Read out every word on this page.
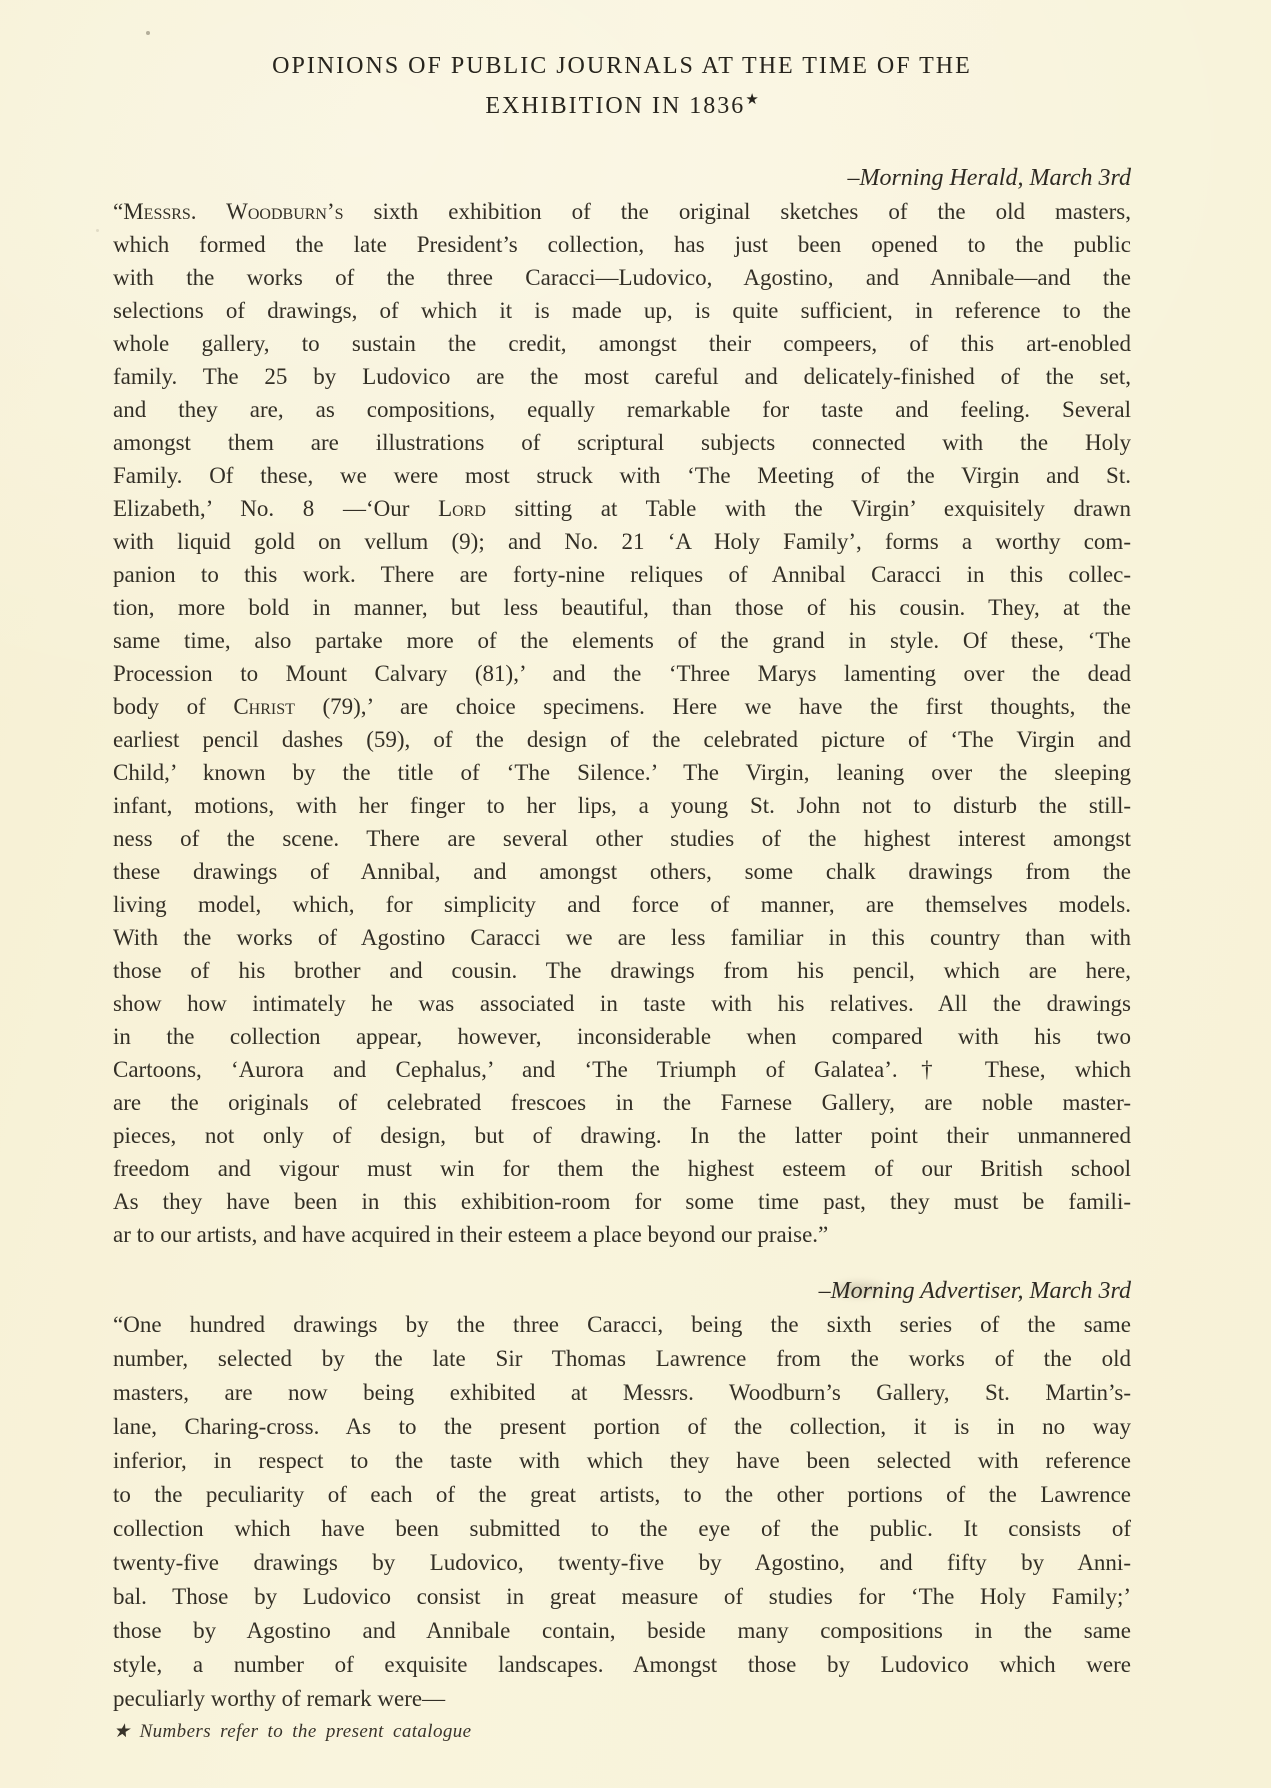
OPINIONS OF PUBLIC JOURNALS AT THE TIME OF THE
EXHIBITION IN 1836★
–Morning Herald, March 3rd
“Messrs. Woodburn’s sixth exhibition of the original sketches of the old masters,
which formed the late President’s collection, has just been opened to the public
with the works of the three Caracci—Ludovico, Agostino, and Annibale—and the
selections of drawings, of which it is made up, is quite sufficient, in reference to the
whole gallery, to sustain the credit, amongst their compeers, of this art-enobled
family. The 25 by Ludovico are the most careful and delicately-finished of the set,
and they are, as compositions, equally remarkable for taste and feeling. Several
amongst them are illustrations of scriptural subjects connected with the Holy
Family. Of these, we were most struck with ‘The Meeting of the Virgin and St.
Elizabeth,’ No. 8 —‘Our Lord sitting at Table with the Virgin’ exquisitely drawn
with liquid gold on vellum (9); and No. 21 ‘A Holy Family’, forms a worthy com-
panion to this work. There are forty-nine reliques of Annibal Caracci in this collec-
tion, more bold in manner, but less beautiful, than those of his cousin. They, at the
same time, also partake more of the elements of the grand in style. Of these, ‘The
Procession to Mount Calvary (81),’ and the ‘Three Marys lamenting over the dead
body of Christ (79),’ are choice specimens. Here we have the first thoughts, the
earliest pencil dashes (59), of the design of the celebrated picture of ‘The Virgin and
Child,’ known by the title of ‘The Silence.’ The Virgin, leaning over the sleeping
infant, motions, with her finger to her lips, a young St. John not to disturb the still-
ness of the scene. There are several other studies of the highest interest amongst
these drawings of Annibal, and amongst others, some chalk drawings from the
living model, which, for simplicity and force of manner, are themselves models.
With the works of Agostino Caracci we are less familiar in this country than with
those of his brother and cousin. The drawings from his pencil, which are here,
show how intimately he was associated in taste with his relatives. All the drawings
in the collection appear, however, inconsiderable when compared with his two
Cartoons, ‘Aurora and Cephalus,’ and ‘The Triumph of Galatea’.† These, which
are the originals of celebrated frescoes in the Farnese Gallery, are noble master-
pieces, not only of design, but of drawing. In the latter point their unmannered
freedom and vigour must win for them the highest esteem of our British school
As they have been in this exhibition-room for some time past, they must be famili-
ar to our artists, and have acquired in their esteem a place beyond our praise.”
–Morning Advertiser, March 3rd
“One hundred drawings by the three Caracci, being the sixth series of the same
number, selected by the late Sir Thomas Lawrence from the works of the old
masters, are now being exhibited at Messrs. Woodburn’s Gallery, St. Martin’s-
lane, Charing-cross. As to the present portion of the collection, it is in no way
inferior, in respect to the taste with which they have been selected with reference
to the peculiarity of each of the great artists, to the other portions of the Lawrence
collection which have been submitted to the eye of the public. It consists of
twenty-five drawings by Ludovico, twenty-five by Agostino, and fifty by Anni-
bal. Those by Ludovico consist in great measure of studies for ‘The Holy Family;’
those by Agostino and Annibale contain, beside many compositions in the same
style, a number of exquisite landscapes. Amongst those by Ludovico which were
peculiarly worthy of remark were—
★ Numbers refer to the present catalogue
